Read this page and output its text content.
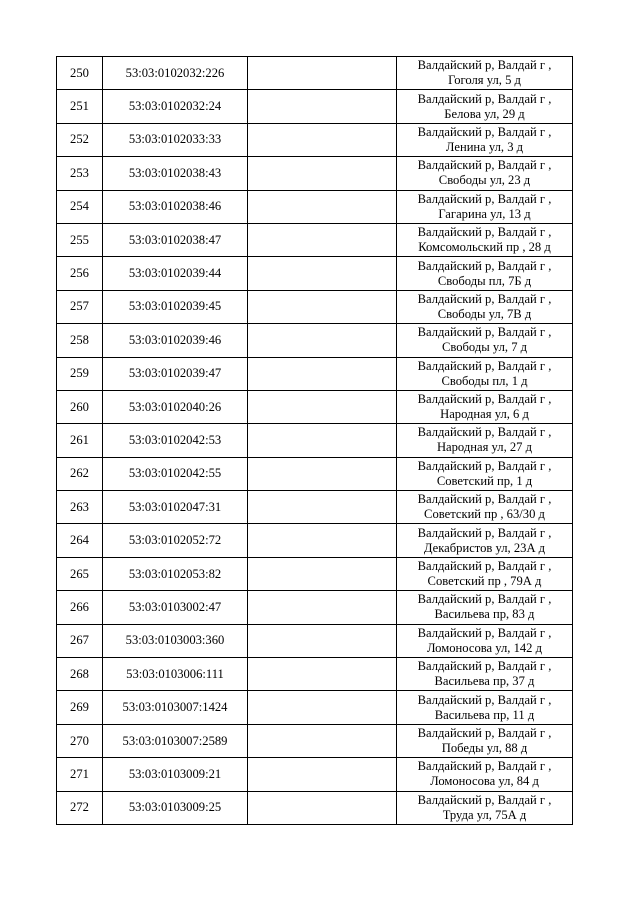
250	53:03:0102032:226		Валдайский р, Валдай г ,
Гоголя ул, 5 д

251	53:03:0102032:24		Валдайский р, Валдай г ,
Белова ул, 29 д

252	53:03:0102033:33		Валдайский р, Валдай г ,
Ленина ул, 3 д

253	53:03:0102038:43		Валдайский р, Валдай г ,
Свободы ул, 23 д

254	53:03:0102038:46		Валдайский р, Валдай г ,
Гагарина ул, 13 д

255	53:03:0102038:47		Валдайский р, Валдай г ,
Комсомольский пр , 28 д

256	53:03:0102039:44		Валдайский р, Валдай г ,
Свободы пл, 7Б д

257	53:03:0102039:45		Валдайский р, Валдай г ,
Свободы ул, 7В д

258	53:03:0102039:46		Валдайский р, Валдай г ,
Свободы ул, 7 д

259	53:03:0102039:47		Валдайский р, Валдай г ,
Свободы пл, 1 д

260	53:03:0102040:26		Валдайский р, Валдай г ,
Народная ул, 6 д

261	53:03:0102042:53		Валдайский р, Валдай г ,
Народная ул, 27 д

262	53:03:0102042:55		Валдайский р, Валдай г ,
Советский пр, 1 д

263	53:03:0102047:31		Валдайский р, Валдай г ,
Советский пр , 63/30 д

264	53:03:0102052:72		Валдайский р, Валдай г ,
Декабристов ул, 23А д

265	53:03:0102053:82		Валдайский р, Валдай г ,
Советский пр , 79А д

266	53:03:0103002:47		Валдайский р, Валдай г ,
Васильева пр, 83 д

267	53:03:0103003:360		Валдайский р, Валдай г ,
Ломоносова ул, 142 д

268	53:03:0103006:111		Валдайский р, Валдай г ,
Васильева пр, 37 д

269	53:03:0103007:1424		Валдайский р, Валдай г ,
Васильева пр, 11 д

270	53:03:0103007:2589		Валдайский р, Валдай г ,
Победы ул, 88 д

271	53:03:0103009:21		Валдайский р, Валдай г ,
Ломоносова ул, 84 д

272	53:03:0103009:25		Валдайский р, Валдай г ,
Труда ул, 75А д
